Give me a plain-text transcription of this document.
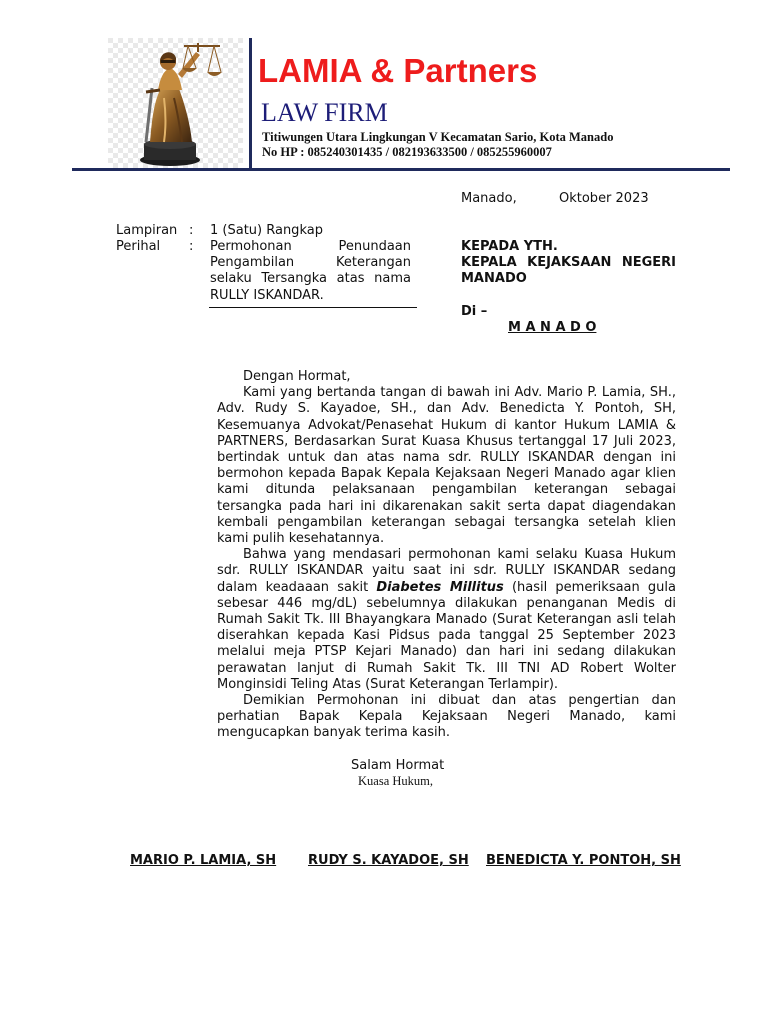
LAMIA & Partners
LAW FIRM
Titiwungen Utara Lingkungan V Kecamatan Sario, Kota Manado
No HP : 085240301435 / 082193633500 / 085255960007
Manado,	Oktober 2023
Lampiran : 1 (Satu) Rangkap
Perihal : Permohonan Penundaan
Pengambilan Keterangan
selaku Tersangka atas nama
RULLY ISKANDAR.
KEPADA YTH.
KEPALA KEJAKSAAN NEGERI
MANADO
Di –
M A N A D O

Dengan Hormat,

Kami yang bertanda tangan di bawah ini Adv. Mario P. Lamia, SH., Adv. Rudy S. Kayadoe, SH., dan Adv. Benedicta Y. Pontoh, SH, Kesemuanya Advokat/Penasehat Hukum di kantor Hukum LAMIA & PARTNERS, Berdasarkan Surat Kuasa Khusus tertanggal 17 Juli 2023, bertindak untuk dan atas nama sdr. RULLY ISKANDAR dengan ini bermohon kepada Bapak Kepala Kejaksaan Negeri Manado agar klien kami ditunda pelaksanaan pengambilan keterangan sebagai tersangka pada hari ini dikarenakan sakit serta dapat diagendakan kembali pengambilan keterangan sebagai tersangka setelah klien kami pulih kesehatannya.

Bahwa yang mendasari permohonan kami selaku Kuasa Hukum sdr. RULLY ISKANDAR yaitu saat ini sdr. RULLY ISKANDAR sedang dalam keadaaan sakit Diabetes Millitus (hasil pemeriksaan gula sebesar 446 mg/dL) sebelumnya dilakukan penanganan Medis di Rumah Sakit Tk. III Bhayangkara Manado (Surat Keterangan asli telah diserahkan kepada Kasi Pidsus pada tanggal 25 September 2023 melalui meja PTSP Kejari Manado) dan hari ini sedang dilakukan perawatan lanjut di Rumah Sakit Tk. III TNI AD Robert Wolter Monginsidi Teling Atas (Surat Keterangan Terlampir).

Demikian Permohonan ini dibuat dan atas pengertian dan perhatian Bapak Kepala Kejaksaan Negeri Manado, kami mengucapkan banyak terima kasih.

Salam Hormat
Kuasa Hukum,
MARIO P. LAMIA, SH RUDY S. KAYADOE, SH BENEDICTA Y. PONTOH, SH
